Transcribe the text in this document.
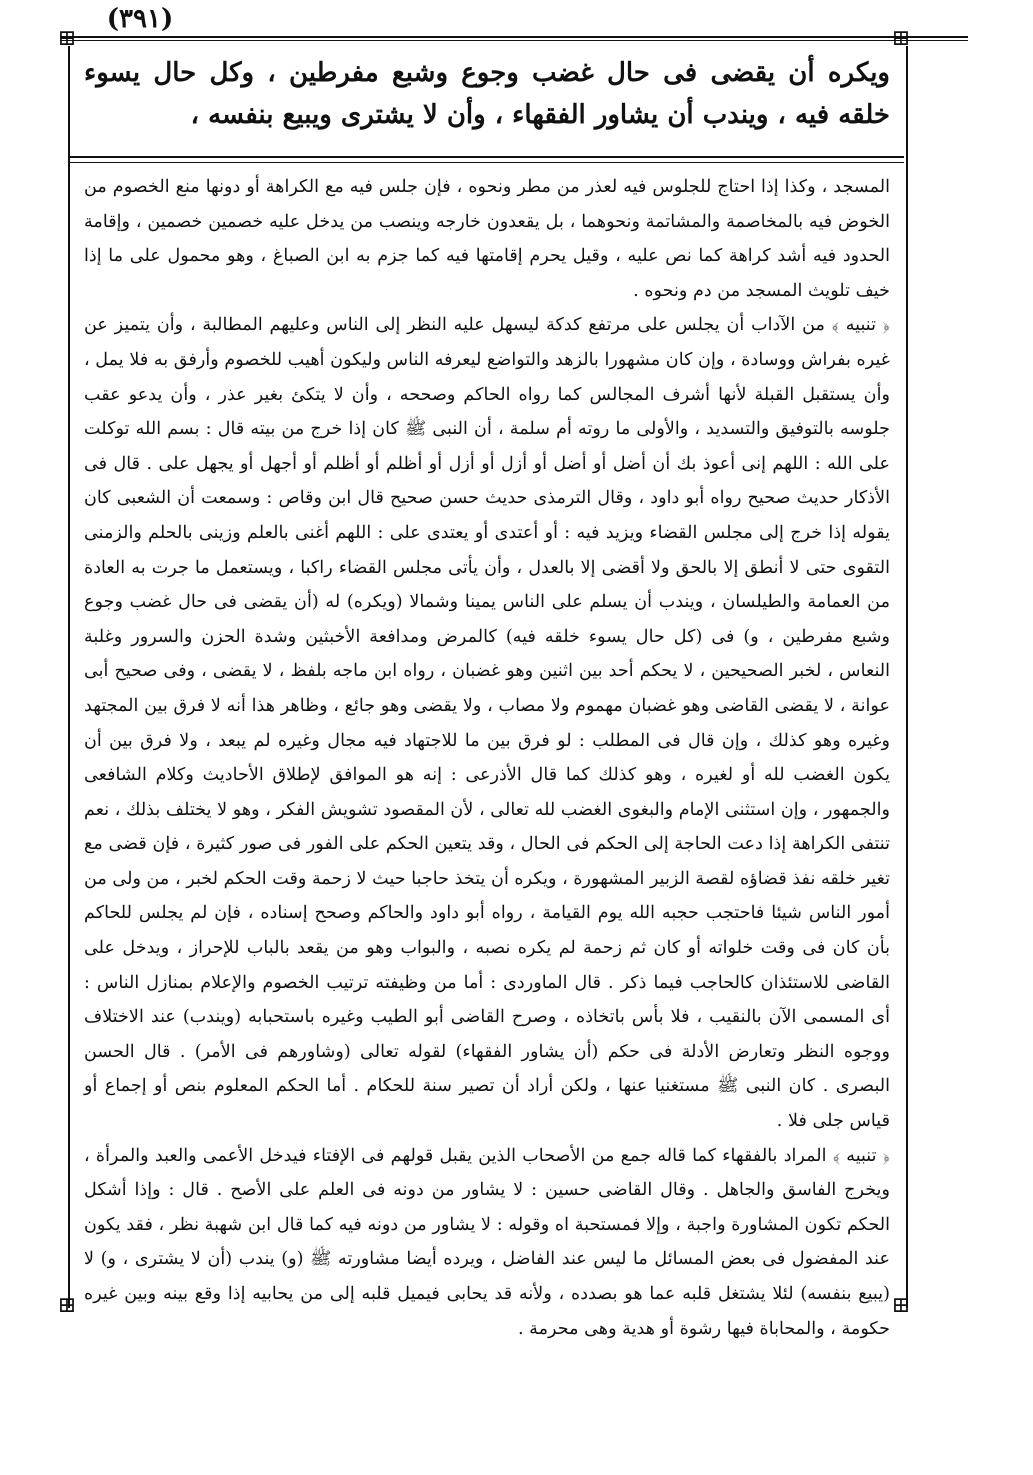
(٣٩١)
⊞	⊞
⊞	⊞

ويكره أن يقضى فى حال غضب وجوع وشبع مفرطين ، وكل حال يسوء خلقه فيه ، ويندب أن يشاور الفقهاء ، وأن لا يشترى ويبيع بنفسه ،

المسجد ، وكذا إذا احتاج للجلوس فيه لعذر من مطر ونحوه ، فإن جلس فيه مع الكراهة أو دونها منع الخصوم من الخوض فيه بالمخاصمة والمشاتمة ونحوهما ، بل يقعدون خارجه وينصب من يدخل عليه خصمين خصمين ، وإقامة الحدود فيه أشد كراهة كما نص عليه ، وقيل يحرم إقامتها فيه كما جزم به ابن الصباغ ، وهو محمول على ما إذا خيف تلويث المسجد من دم ونحوه .

﴿ تنبيه ﴾ من الآداب أن يجلس على مرتفع كدكة ليسهل عليه النظر إلى الناس وعليهم المطالبة ، وأن يتميز عن غيره بفراش ووسادة ، وإن كان مشهورا بالزهد والتواضع ليعرفه الناس وليكون أهيب للخصوم وأرفق به فلا يمل ، وأن يستقبل القبلة لأنها أشرف المجالس كما رواه الحاكم وصححه ، وأن لا يتكئ بغير عذر ، وأن يدعو عقب جلوسه بالتوفيق والتسديد ، والأولى ما روته أم سلمة ، أن النبى ﷺ كان إذا خرج من بيته قال : بسم الله توكلت على الله : اللهم إنى أعوذ بك أن أضل أو أضل أو أزل أو أزل أو أظلم أو أظلم أو أجهل أو يجهل على . قال فى الأذكار حديث صحيح رواه أبو داود ، وقال الترمذى حديث حسن صحيح قال ابن وقاص : وسمعت أن الشعبى كان يقوله إذا خرج إلى مجلس القضاء ويزيد فيه : أو أعتدى أو يعتدى على : اللهم أغنى بالعلم وزينى بالحلم والزمنى التقوى حتى لا أنطق إلا بالحق ولا أقضى إلا بالعدل ، وأن يأتى مجلس القضاء راكبا ، ويستعمل ما جرت به العادة من العمامة والطيلسان ، ويندب أن يسلم على الناس يمينا وشمالا (ويكره) له (أن يقضى فى حال غضب وجوع وشبع مفرطين ، و) فى (كل حال يسوء خلقه فيه) كالمرض ومدافعة الأخبثين وشدة الحزن والسرور وغلبة النعاس ، لخبر الصحيحين ، لا يحكم أحد بين اثنين وهو غضبان ، رواه ابن ماجه بلفظ ، لا يقضى ، وفى صحيح أبى عوانة ، لا يقضى القاضى وهو غضبان مهموم ولا مصاب ، ولا يقضى وهو جائع ، وظاهر هذا أنه لا فرق بين المجتهد وغيره وهو كذلك ، وإن قال فى المطلب : لو فرق بين ما للاجتهاد فيه مجال وغيره لم يبعد ، ولا فرق بين أن يكون الغضب لله أو لغيره ، وهو كذلك كما قال الأذرعى : إنه هو الموافق لإطلاق الأحاديث وكلام الشافعى والجمهور ، وإن استثنى الإمام والبغوى الغضب لله تعالى ، لأن المقصود تشويش الفكر ، وهو لا يختلف بذلك ، نعم تنتفى الكراهة إذا دعت الحاجة إلى الحكم فى الحال ، وقد يتعين الحكم على الفور فى صور كثيرة ، فإن قضى مع تغير خلقه نفذ قضاؤه لقصة الزبير المشهورة ، ويكره أن يتخذ حاجبا حيث لا زحمة وقت الحكم لخبر ، من ولى من أمور الناس شيئا فاحتجب حجبه الله يوم القيامة ، رواه أبو داود والحاكم وصحح إسناده ، فإن لم يجلس للحاكم بأن كان فى وقت خلواته أو كان ثم زحمة لم يكره نصبه ، والبواب وهو من يقعد بالباب للإحراز ، ويدخل على القاضى للاستئذان كالحاجب فيما ذكر . قال الماوردى : أما من وظيفته ترتيب الخصوم والإعلام بمنازل الناس : أى المسمى الآن بالنقيب ، فلا بأس باتخاذه ، وصرح القاضى أبو الطيب وغيره باستحبابه (ويندب) عند الاختلاف ووجوه النظر وتعارض الأدلة فى حكم (أن يشاور الفقهاء) لقوله تعالى (وشاورهم فى الأمر) . قال الحسن البصرى . كان النبى ﷺ مستغنيا عنها ، ولكن أراد أن تصير سنة للحكام . أما الحكم المعلوم بنص أو إجماع أو قياس جلى فلا .

﴿ تنبيه ﴾ المراد بالفقهاء كما قاله جمع من الأصحاب الذين يقبل قولهم فى الإفتاء فيدخل الأعمى والعبد والمرأة ، ويخرج الفاسق والجاهل . وقال القاضى حسين : لا يشاور من دونه فى العلم على الأصح . قال : وإذا أشكل الحكم تكون المشاورة واجبة ، وإلا فمستحبة اه وقوله : لا يشاور من دونه فيه كما قال ابن شهبة نظر ، فقد يكون عند المفضول فى بعض المسائل ما ليس عند الفاضل ، ويرده أيضا مشاورته ﷺ (و) يندب (أن لا يشترى ، و) لا (يبيع بنفسه) لئلا يشتغل قلبه عما هو بصدده ، ولأنه قد يحابى فيميل قلبه إلى من يحابيه إذا وقع بينه وبين غيره حكومة ، والمحاباة فيها رشوة أو هدية وهى محرمة .
